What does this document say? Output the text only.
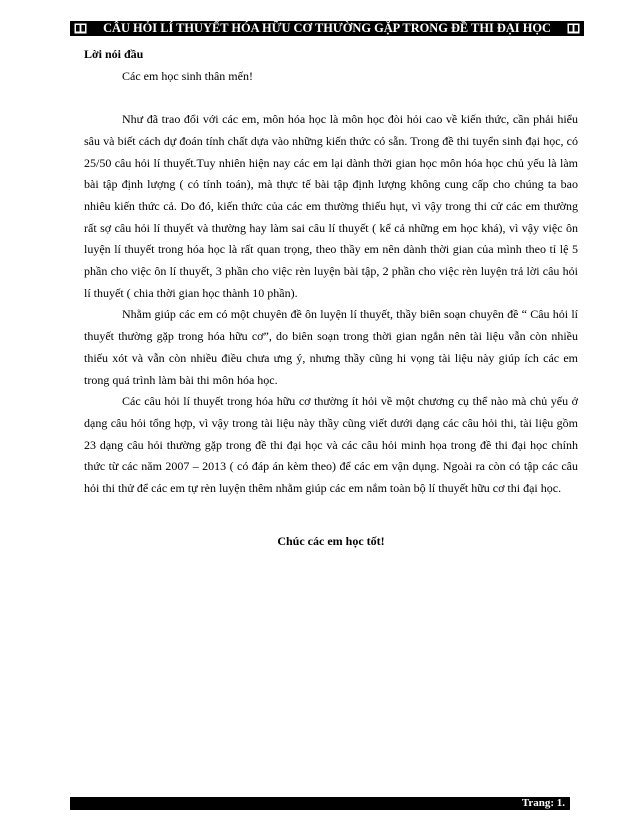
CÂU HỎI LÍ THUYẾT HÓA HỮU CƠ THƯỜNG GẶP TRONG ĐỀ THI ĐẠI HỌC

Lời nói đầu

Các em học sinh thân mến!

Như đã trao đổi với các em, môn hóa học là môn học đòi hỏi cao về kiến thức, cần phải hiểu sâu và biết cách dự đoán tính chất dựa vào những kiến thức có sẵn. Trong đề thi tuyển sinh đại học, có 25/50 câu hỏi lí thuyết.Tuy nhiên hiện nay các em lại dành thời gian học môn hóa học chủ yếu là làm bài tập định lượng ( có tính toán), mà thực tế bài tập định lượng không cung cấp cho chúng ta bao nhiêu kiến thức cả. Do đó, kiến thức của các em thường thiếu hụt, vì vậy trong thi cử các em thường rất sợ câu hỏi lí thuyết và thường hay làm sai câu lí thuyết ( kể cả những em học khá), vì vậy việc ôn luyện lí thuyết trong hóa học là rất quan trọng, theo thầy em nên dành thời gian của mình theo tỉ lệ 5 phần cho việc ôn lí thuyết, 3 phần cho việc rèn luyện bài tập, 2 phần cho việc rèn luyện trả lời câu hỏi lí thuyết ( chia thời gian học thành 10 phần).

Nhằm giúp các em có một chuyên đề ôn luyện lí thuyết, thầy biên soạn chuyên đề “ Câu hỏi lí thuyết thường gặp trong hóa hữu cơ”, do biên soạn trong thời gian ngắn nên tài liệu vẫn còn nhiều thiếu xót và vẫn còn nhiều điều chưa ưng ý, nhưng thầy cũng hi vọng tài liệu này giúp ích các em trong quá trình làm bài thi môn hóa học.

Các câu hỏi lí thuyết trong hóa hữu cơ thường ít hỏi về một chương cụ thể nào mà chủ yếu ở dạng câu hỏi tổng hợp, vì vậy trong tài liệu này thầy cũng viết dưới dạng các câu hỏi thi, tài liệu gồm 23 dạng câu hỏi thường gặp trong đề thi đại học và các câu hỏi minh họa trong đề thi đại học chính thức từ các năm 2007 – 2013 ( có đáp án kèm theo) để các em vận dụng. Ngoài ra còn có tập các câu hỏi thi thử để các em tự rèn luyện thêm nhằm giúp các em nắm toàn bộ lí thuyết hữu cơ thi đại học.

Chúc các em học tốt!

Trang: 1.
